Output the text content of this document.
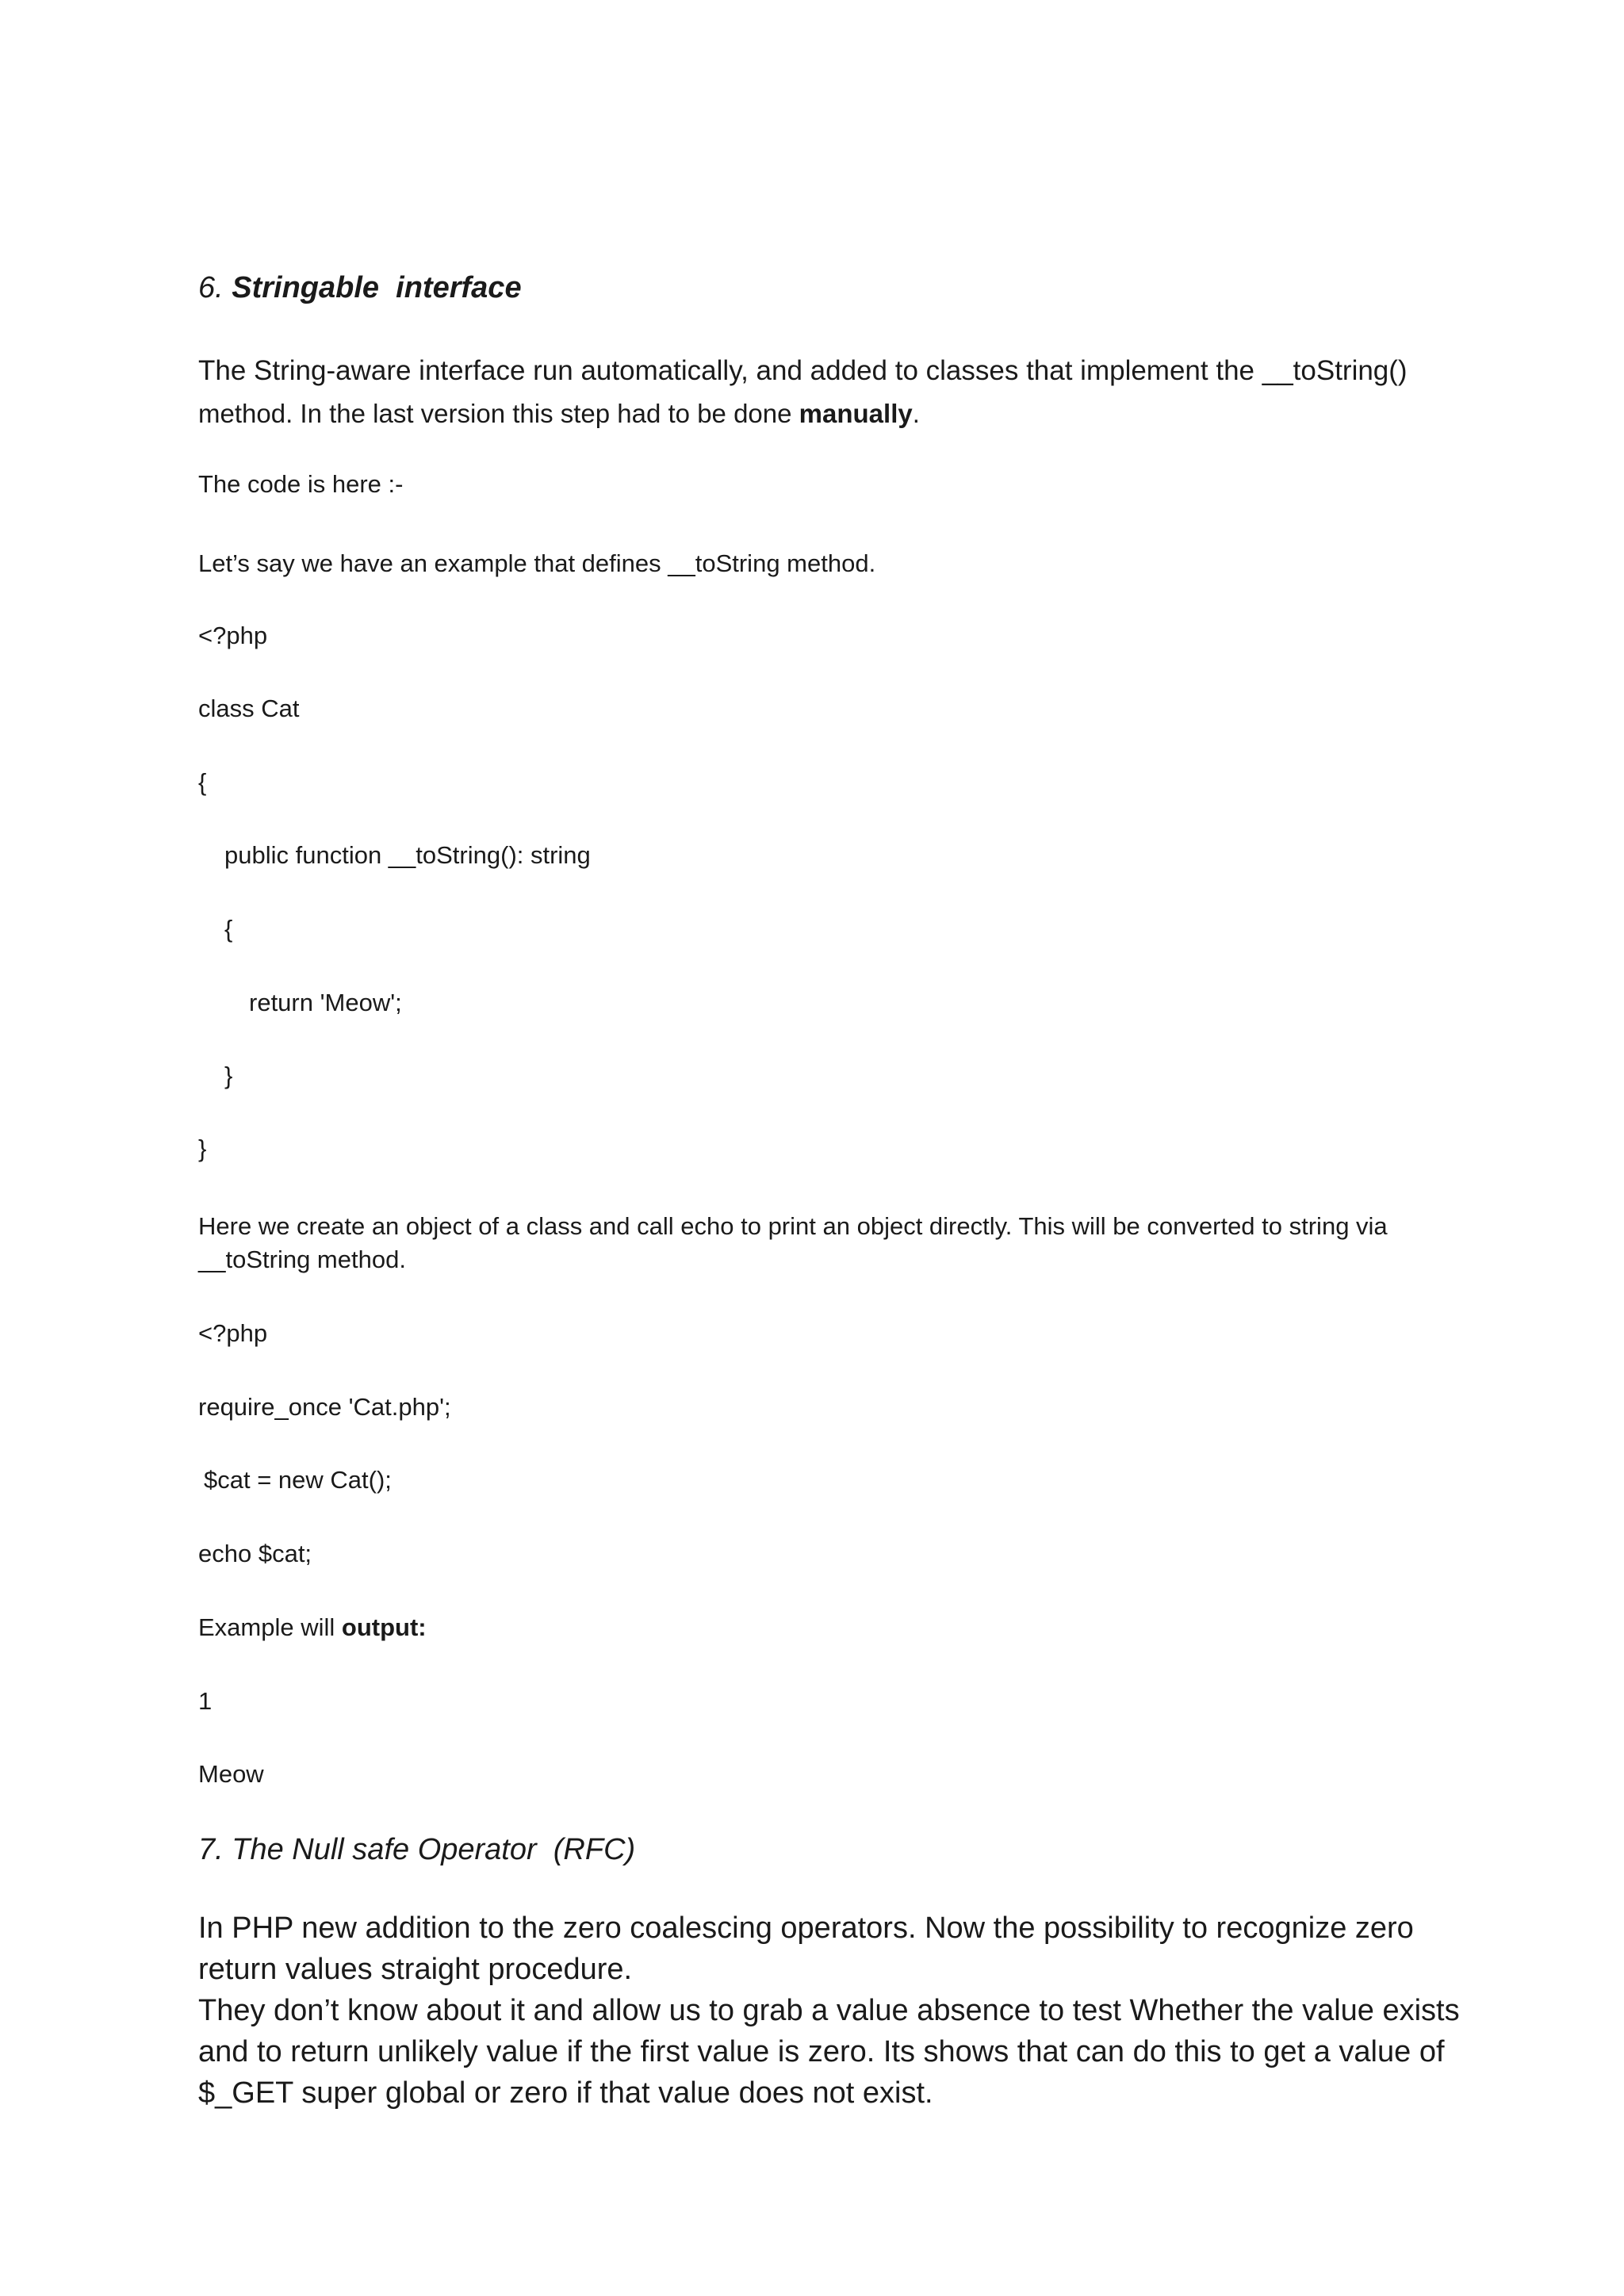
6. Stringable  interface

The String-aware interface run automatically, and added to classes that implement the __toString()

method. In the last version this step had to be done manually.

The code is here :-

Let’s say we have an example that defines __toString method.

<?php

class Cat

{

public function __toString(): string

{

return 'Meow';

}

}

Here we create an object of a class and call echo to print an object directly. This will be converted to string via __toString method.

<?php

require_once 'Cat.php';

$cat = new Cat();

echo $cat;

Example will output:

1

Meow

7. The Null safe Operator  (RFC)

In PHP new addition to the zero coalescing operators. Now the possibility to recognize zero return values straight procedure.

They don’t know about it and allow us to grab a value absence to test Whether the value exists and to return unlikely value if the first value is zero. Its shows that can do this to get a value of $_GET super global or zero if that value does not exist.
